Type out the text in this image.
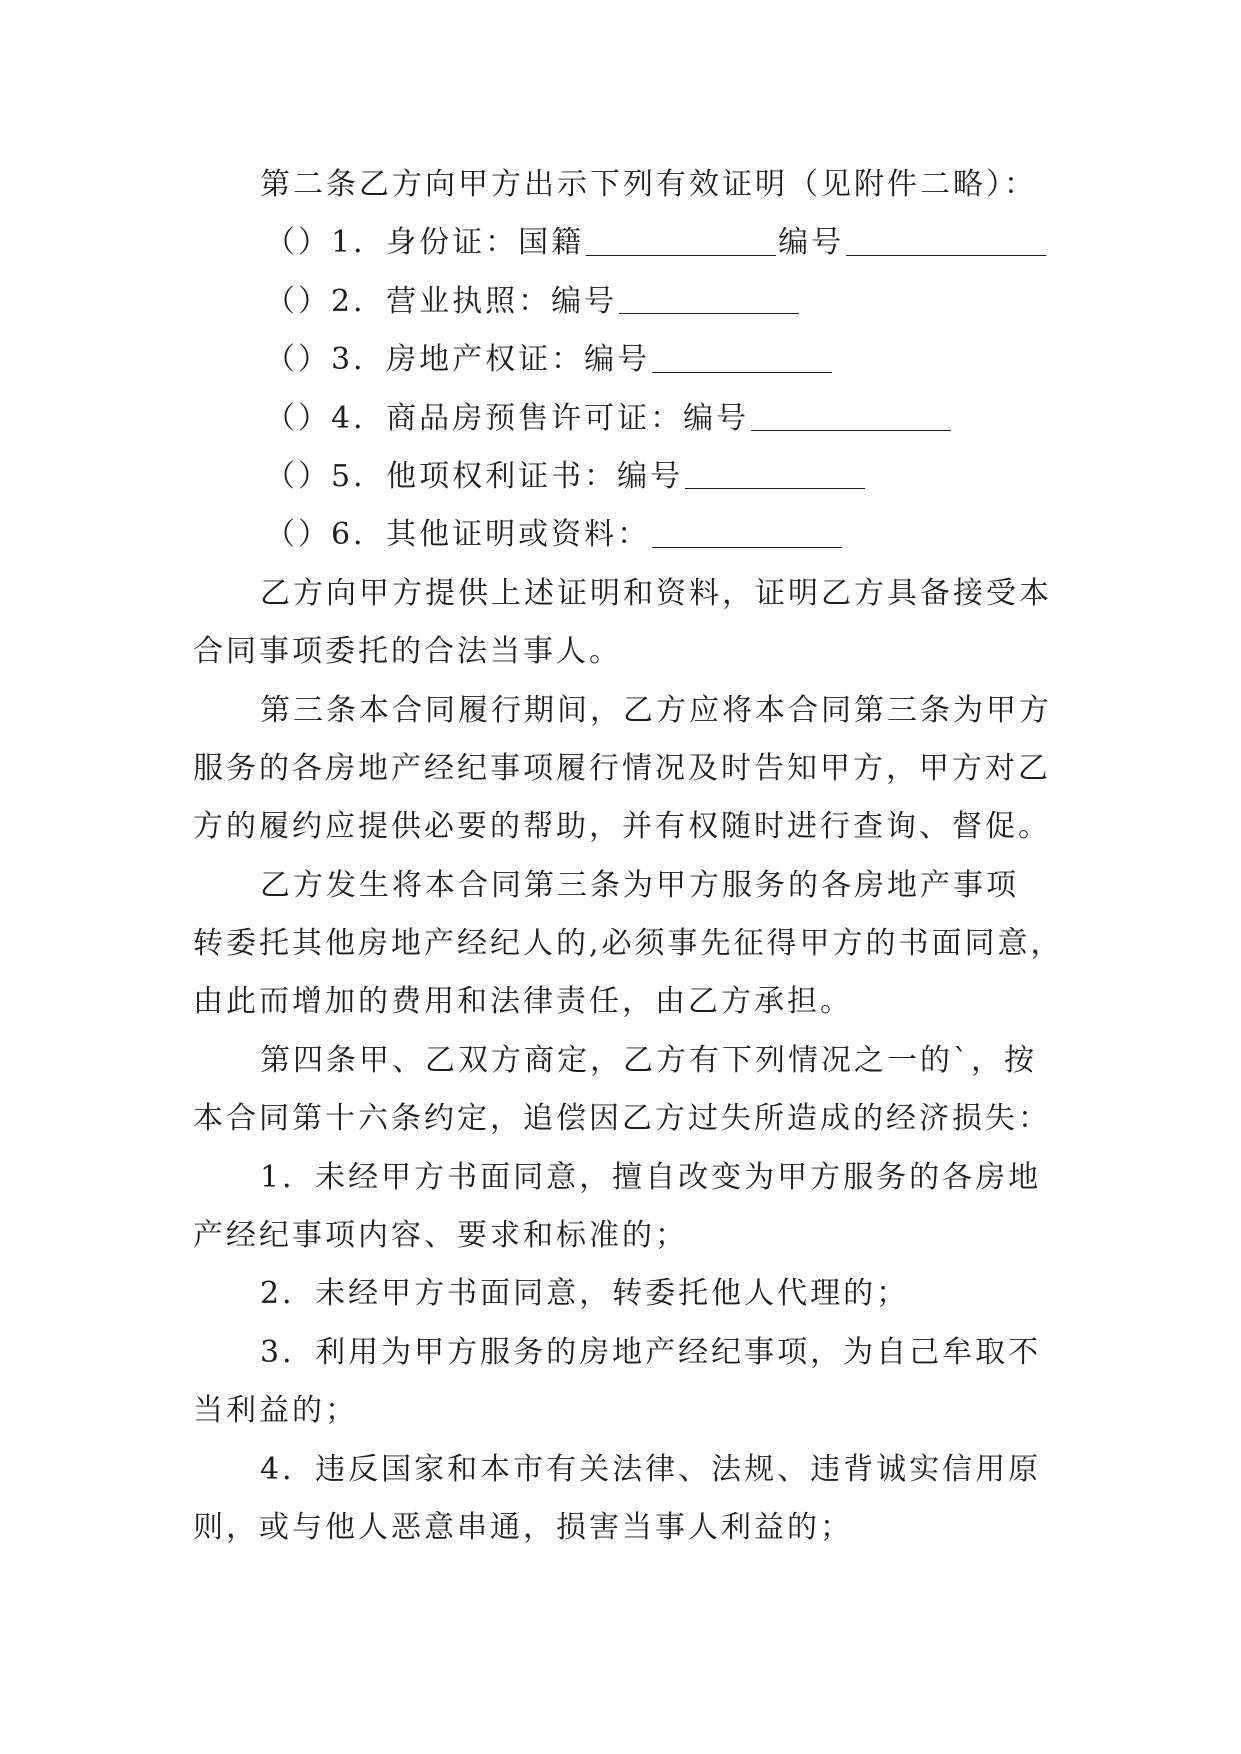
第二条乙方向甲方出示下列有效证明（见附件二略）：
（）1．身份证：国籍	编号
（）2．营业执照：编号
（）3．房地产权证：编号
（）4．商品房预售许可证：编号
（）5．他项权利证书：编号
（）6．其他证明或资料：
乙方向甲方提供上述证明和资料，证明乙方具备接受本
合同事项委托的合法当事人。
第三条本合同履行期间，乙方应将本合同第三条为甲方
服务的各房地产经纪事项履行情况及时告知甲方，甲方对乙
方的履约应提供必要的帮助，并有权随时进行查询、督促。
乙方发生将本合同第三条为甲方服务的各房地产事项
转委托其他房地产经纪人的,必须事先征得甲方的书面同意，
由此而增加的费用和法律责任，由乙方承担。
第四条甲、乙双方商定，乙方有下列情况之一的`，按
本合同第十六条约定，追偿因乙方过失所造成的经济损失：
1．未经甲方书面同意，擅自改变为甲方服务的各房地
产经纪事项内容、要求和标准的；
2．未经甲方书面同意，转委托他人代理的；
3．利用为甲方服务的房地产经纪事项，为自己牟取不
当利益的；
4．违反国家和本市有关法律、法规、违背诚实信用原
则，或与他人恶意串通，损害当事人利益的；
